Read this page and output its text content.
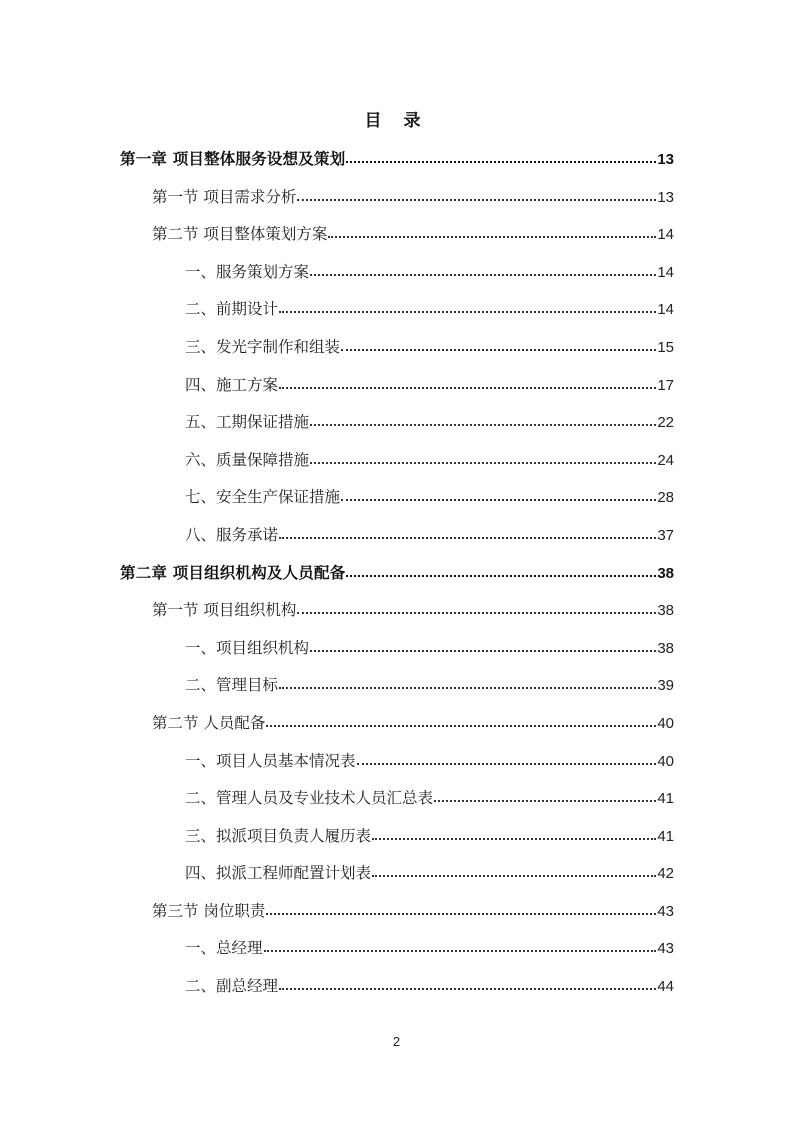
目 录
第一章 项目整体服务设想及策划	13
第一节 项目需求分析	13
第二节 项目整体策划方案	14
一、服务策划方案	14
二、前期设计	14
三、发光字制作和组装	15
四、施工方案	17
五、工期保证措施	22
六、质量保障措施	24
七、安全生产保证措施	28
八、服务承诺	37
第二章 项目组织机构及人员配备	38
第一节 项目组织机构	38
一、项目组织机构	38
二、管理目标	39
第二节 人员配备	40
一、项目人员基本情况表	40
二、管理人员及专业技术人员汇总表	41
三、拟派项目负责人履历表	41
四、拟派工程师配置计划表	42
第三节 岗位职责	43
一、总经理	43
二、副总经理	44
2
